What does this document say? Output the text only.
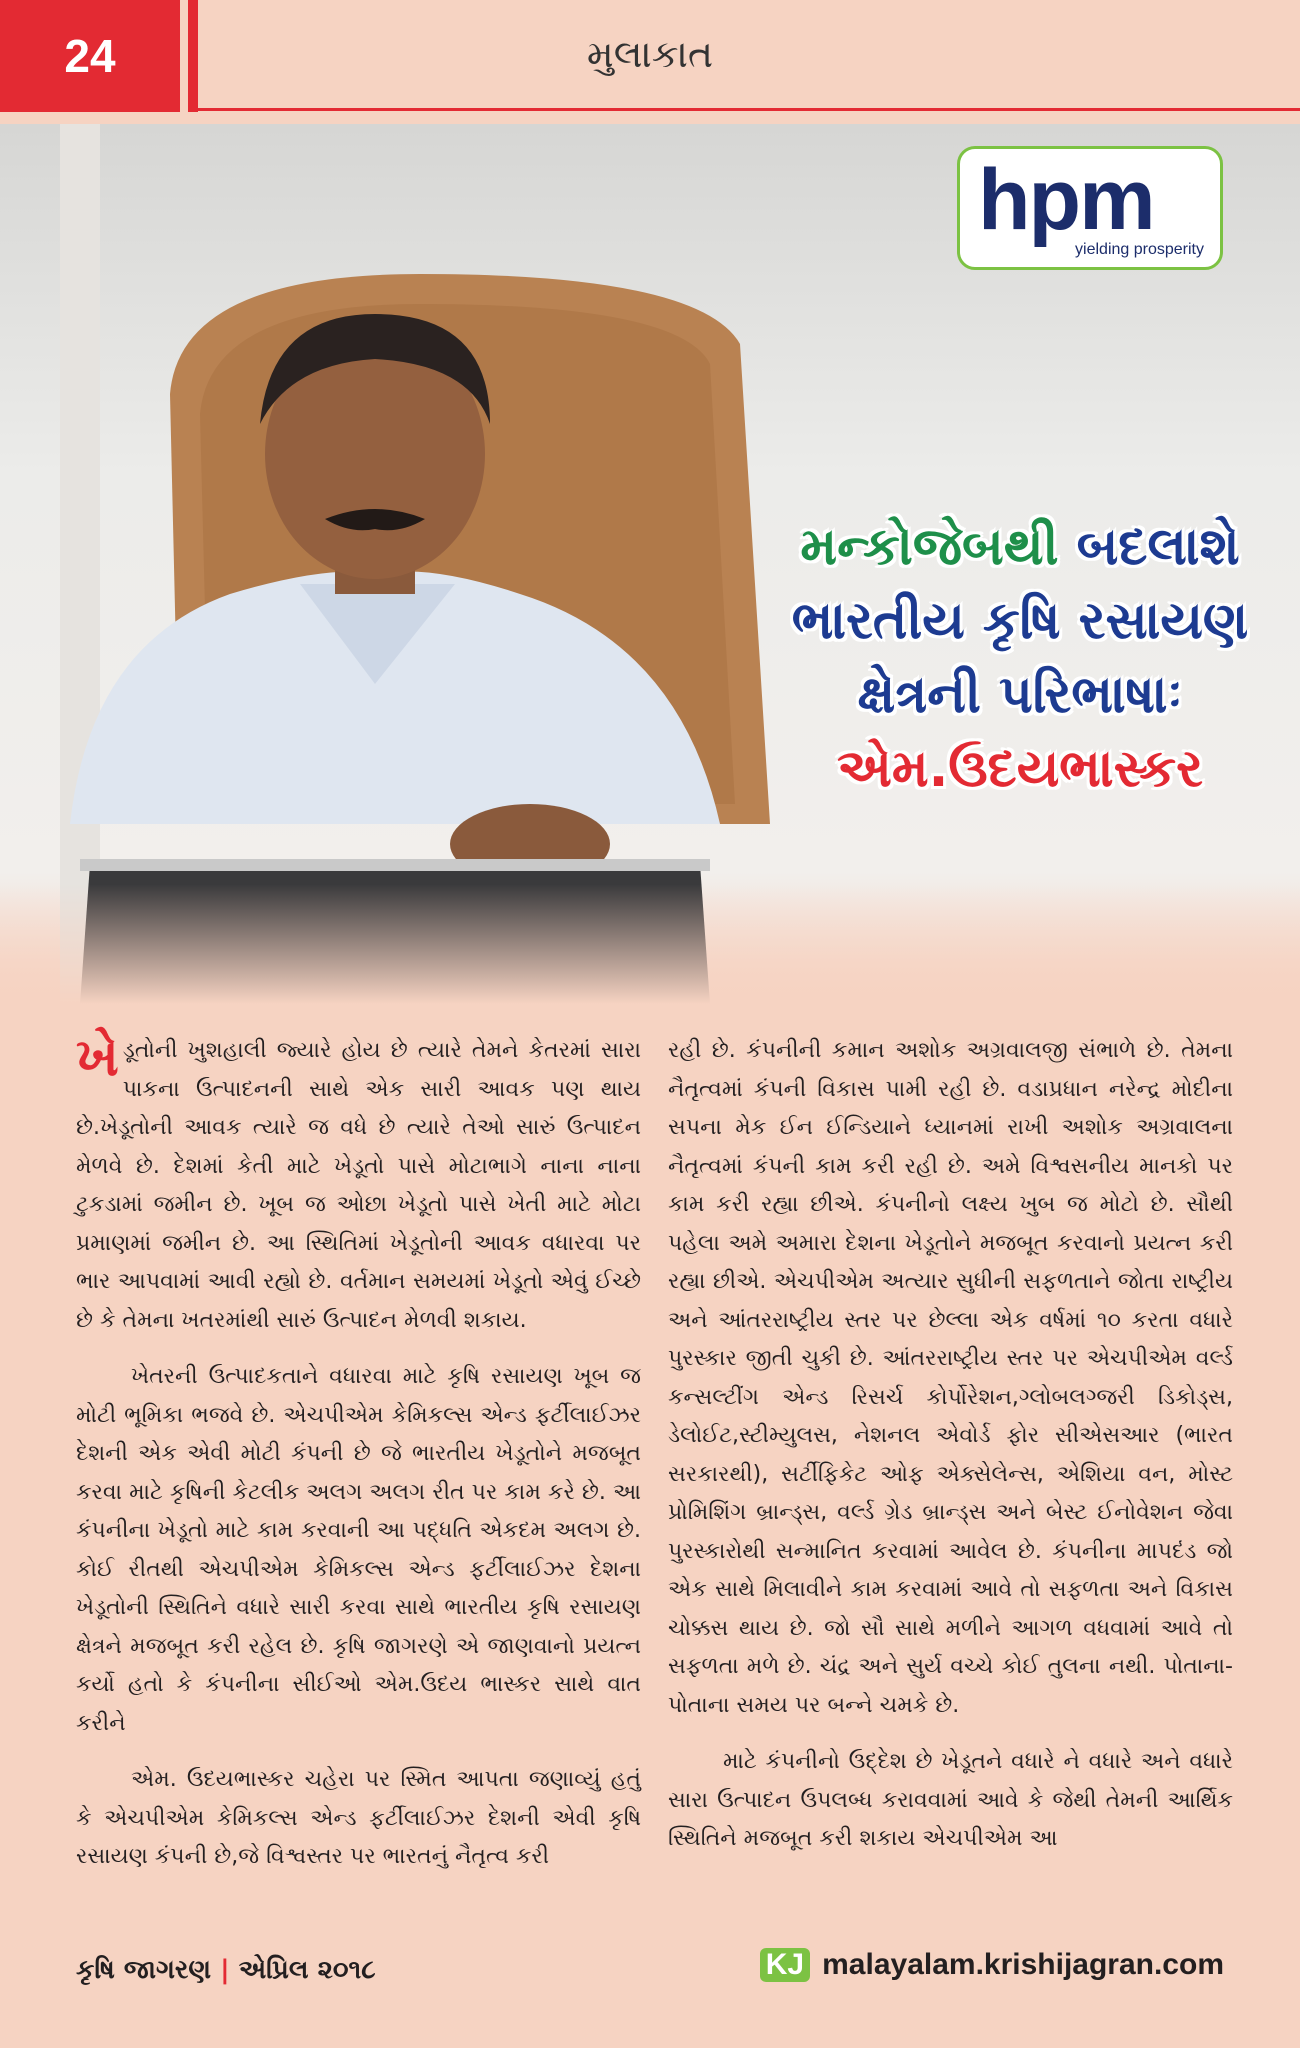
24	મુલાકાત
hpm
yielding prosperity
મન્કોજેબથી બદલાશે
ભારતીય કૃષિ રસાયણ
ક્ષેત્રની પરિભાષાઃ
એમ.ઉદયભાસ્કર

ખે ડૂતોની ખુશહાલી જ્યારે હોય છે ત્યારે તેમને કેતરમાં સારા પાકના ઉત્પાદનની સાથે એક સારી આવક પણ થાય છે.ખેડૂતોની આવક ત્યારે જ વધે છે ત્યારે તેઓ સારું ઉત્પાદન મેળવે છે. દેશમાં કેતી માટે ખેડૂતો પાસે મોટાભાગે નાના નાના ટુકડામાં જમીન છે. ખૂબ જ ઓછા ખેડૂતો પાસે ખેતી માટે મોટા પ્રમાણમાં જમીન છે. આ સ્થિતિમાં ખેડૂતોની આવક વધારવા પર ભાર આપવામાં આવી રહ્યો છે. વર્તમાન સમયમાં ખેડૂતો એવું ઈચ્છે છે કે તેમના ખતરમાંથી સારું ઉત્પાદન મેળવી શકાય.

ખેતરની ઉત્પાદકતાને વધારવા માટે કૃષિ રસાયણ ખૂબ જ મોટી ભૂમિકા ભજવે છે. એચપીએમ કેમિકલ્સ એન્ડ ફર્ટીલાઈઝર દેશની એક એવી મોટી કંપની છે જે ભારતીય ખેડૂતોને મજબૂત કરવા માટે કૃષિની કેટલીક અલગ અલગ રીત પર કામ કરે છે. આ કંપનીના ખેડૂતો માટે કામ કરવાની આ પદ્ધતિ એકદમ અલગ છે. કોઈ રીતથી એચપીએમ કેમિકલ્સ એન્ડ ફર્ટીલાઈઝર દેશના ખેડૂતોની સ્થિતિને વધારે સારી કરવા સાથે ભારતીય કૃષિ રસાયણ ક્ષેત્રને મજબૂત કરી રહેલ છે. કૃષિ જાગરણે એ જાણવાનો પ્રયત્ન કર્યો હતો કે કંપનીના સીઈઓ એમ.ઉદય ભાસ્કર સાથે વાત કરીને

એમ. ઉદયભાસ્કર ચહેરા પર સ્મિત આપતા જણાવ્યું હતું કે એચપીએમ કેમિકલ્સ એન્ડ ફર્ટીલાઈઝર દેશની એવી કૃષિ રસાયણ કંપની છે,જે વિશ્વસ્તર પર ભારતનું નૈતૃત્વ કરી

રહી છે. કંપનીની કમાન અશોક અગ્રવાલજી સંભાળે છે. તેમના નૈતૃત્વમાં કંપની વિકાસ પામી રહી છે. વડાપ્રધાન નરેન્દ્ર મોદીના સપના મેક ઈન ઈન્ડિયાને ધ્યાનમાં રાખી અશોક અગ્રવાલના નૈતૃત્વમાં કંપની કામ કરી રહી છે. અમે વિશ્વસનીય માનકો પર કામ કરી રહ્યા છીએ. કંપનીનો લક્ષ્ય ખુબ જ મોટો છે. સૌથી પહેલા અમે અમારા દેશના ખેડૂતોને મજબૂત કરવાનો પ્રયત્ન કરી રહ્યા છીએ. એચપીએમ અત્યાર સુધીની સફળતાને જોતા રાષ્ટ્રીય અને આંતરરાષ્ટ્રીય સ્તર પર છેલ્લા એક વર્ષમાં ૧૦ કરતા વધારે પુરસ્કાર જીતી ચુકી છે. આંતરરાષ્ટ્રીય સ્તર પર એચપીએમ વર્લ્ડ કન્સલ્ટીંગ એન્ડ રિસર્ચ કોર્પોરેશન,ગ્લોબલગ્જરી ડિકોડ્સ, ડેલોઈટ,સ્ટીમ્યુલસ, નેશનલ એવોર્ડ ફોર સીએસઆર (ભારત સરકારથી), સર્ટીફિકેટ ઓફ એક્સેલેન્સ, એશિયા વન, મોસ્ટ પ્રોમિશિંગ બ્રાન્ડ્સ, વર્લ્ડ ગ્રેડ બ્રાન્ડ્સ અને બેસ્ટ ઈનોવેશન જેવા પુરસ્કારોથી સન્માનિત કરવામાં આવેલ છે. કંપનીના માપદંડ જો એક સાથે મિલાવીને કામ કરવામાં આવે તો સફળતા અને વિકાસ ચોક્કસ થાય છે. જો સૌ સાથે મળીને આગળ વધવામાં આવે તો સફળતા મળે છે. ચંદ્ર અને સુર્ય વચ્ચે કોઈ તુલના નથી. પોતાના-પોતાના સમય પર બન્ને ચમકે છે.

માટે કંપનીનો ઉદ્દેશ છે ખેડૂતને વધારે ને વધારે અને વધારે સારા ઉત્પાદન ઉપલબ્ધ કરાવવામાં આવે કે જેથી તેમની આર્થિક સ્થિતિને મજબૂત કરી શકાય એચપીએમ આ

કૃષિ જાગરણ | એપ્રિલ ૨૦૧૮	KJ malayalam.krishijagran.com
